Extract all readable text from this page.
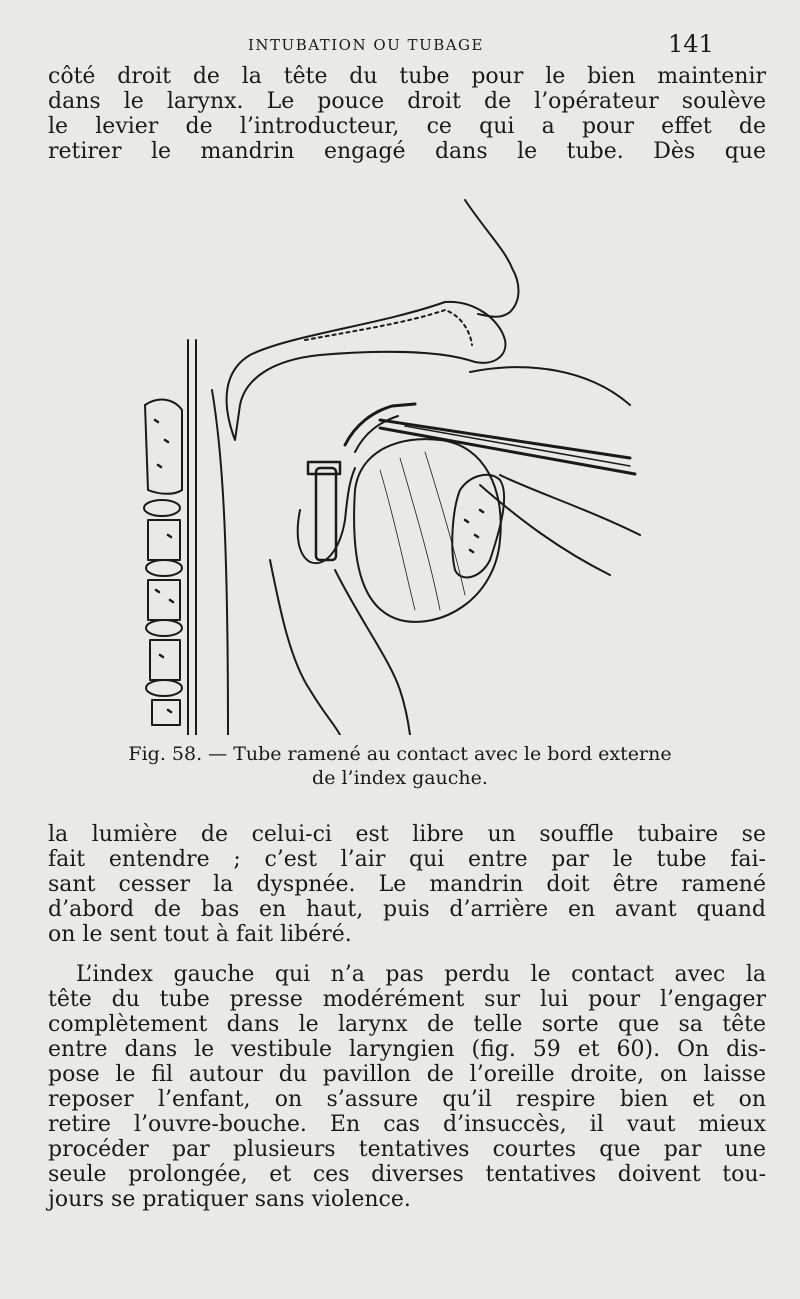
INTUBATION OU TUBAGE	141
côté droit de la tête du tube pour le bien maintenir
dans le larynx. Le pouce droit de l’opérateur soulève
le levier de l’introducteur, ce qui a pour effet de
retirer le mandrin engagé dans le tube. Dès que
Fig. 58. — Tube ramené au contact avec le bord externe
de l’index gauche.
la lumière de celui-ci est libre un souffle tubaire se
fait entendre ; c’est l’air qui entre par le tube fai-
sant cesser la dyspnée. Le mandrin doit être ramené
d’abord de bas en haut, puis d’arrière en avant quand
on le sent tout à fait libéré.
L’index gauche qui n’a pas perdu le contact avec la
tête du tube presse modérément sur lui pour l’engager
complètement dans le larynx de telle sorte que sa tête
entre dans le vestibule laryngien (fig. 59 et 60). On dis-
pose le fil autour du pavillon de l’oreille droite, on laisse
reposer l’enfant, on s’assure qu’il respire bien et on
retire l’ouvre-bouche. En cas d’insuccès, il vaut mieux
procéder par plusieurs tentatives courtes que par une
seule prolongée, et ces diverses tentatives doivent tou-
jours se pratiquer sans violence.
